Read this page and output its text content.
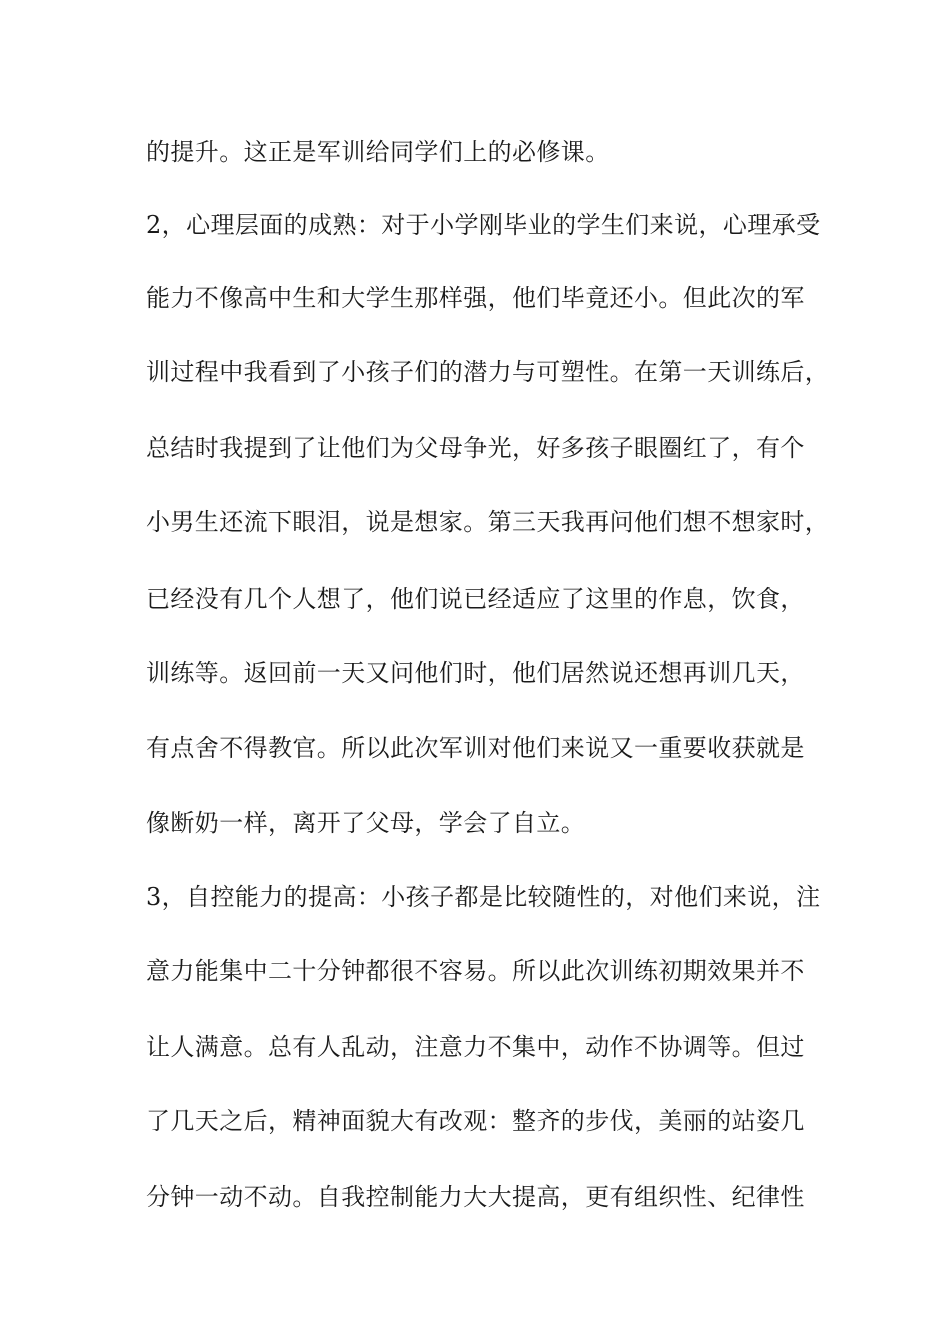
的提升。这正是军训给同学们上的必修课。
2，心理层面的成熟：对于小学刚毕业的学生们来说，心理承受
能力不像高中生和大学生那样强，他们毕竟还小。但此次的军
训过程中我看到了小孩子们的潜力与可塑性。在第一天训练后，
总结时我提到了让他们为父母争光，好多孩子眼圈红了，有个
小男生还流下眼泪，说是想家。第三天我再问他们想不想家时，
已经没有几个人想了，他们说已经适应了这里的作息，饮食，
训练等。返回前一天又问他们时，他们居然说还想再训几天，
有点舍不得教官。所以此次军训对他们来说又一重要收获就是
像断奶一样，离开了父母，学会了自立。
3，自控能力的提高：小孩子都是比较随性的，对他们来说，注
意力能集中二十分钟都很不容易。所以此次训练初期效果并不
让人满意。总有人乱动，注意力不集中，动作不协调等。但过
了几天之后，精神面貌大有改观：整齐的步伐，美丽的站姿几
分钟一动不动。自我控制能力大大提高，更有组织性、纪律性
